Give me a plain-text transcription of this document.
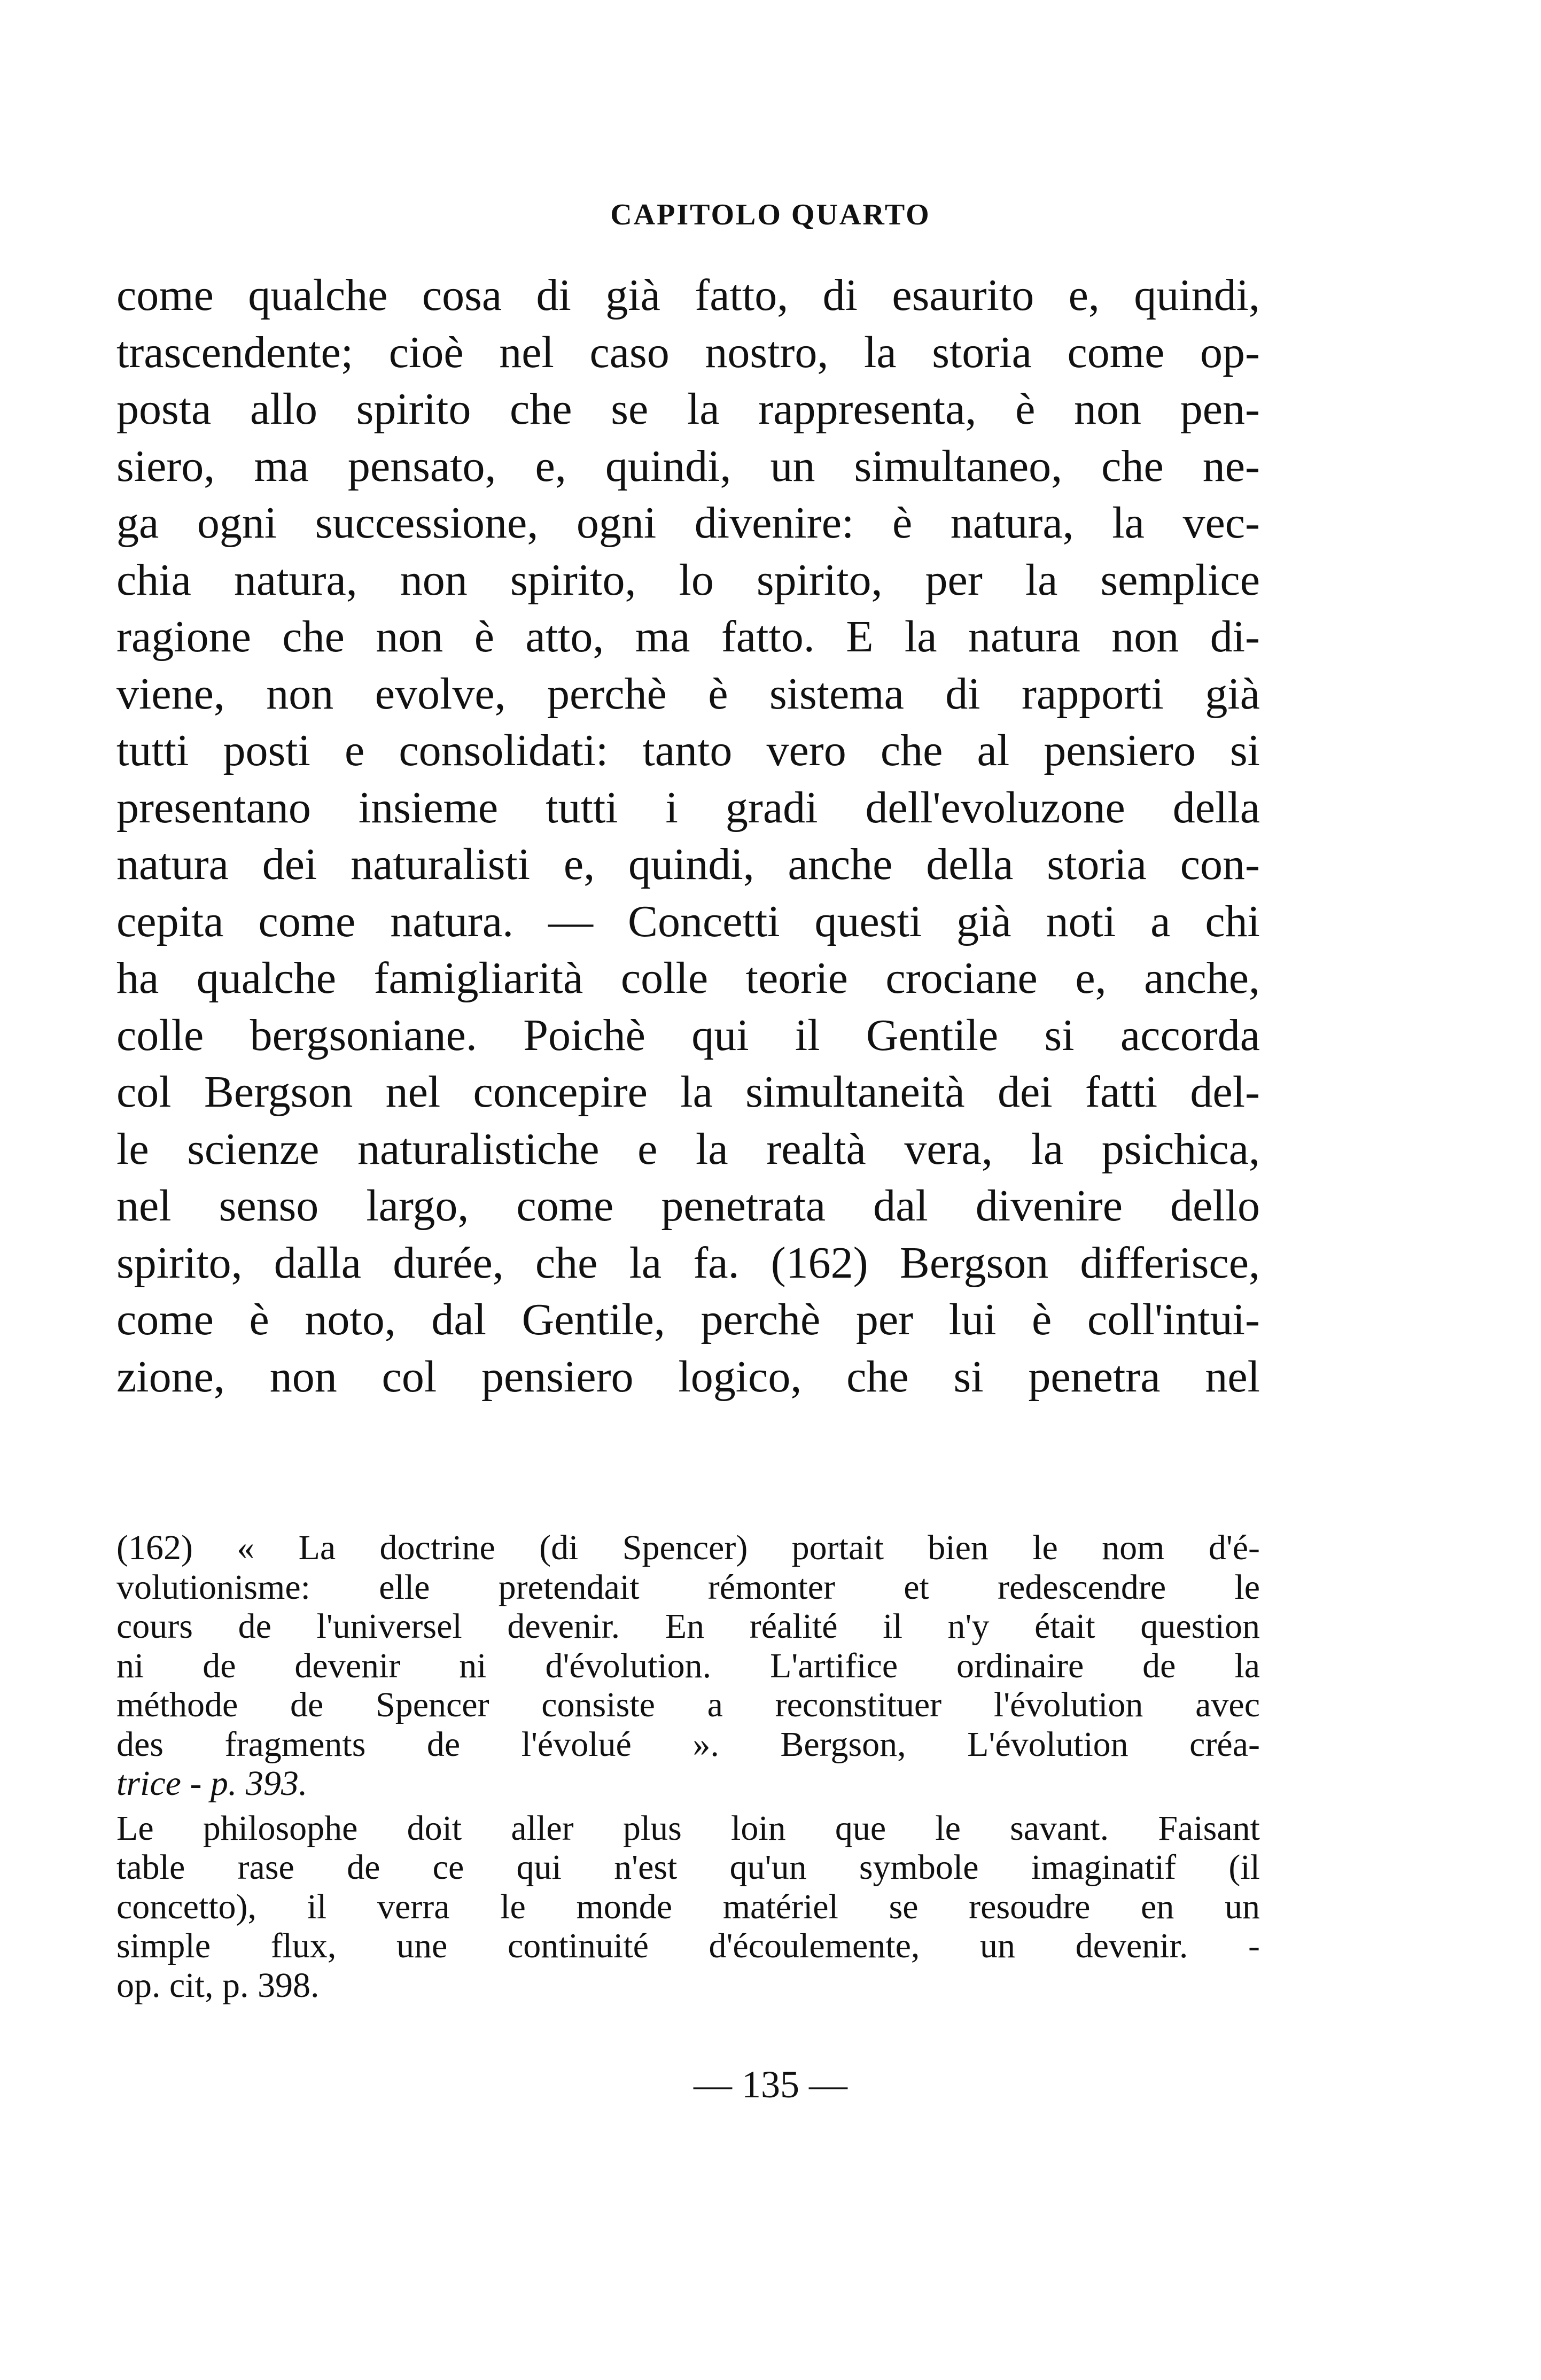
CAPITOLO QUARTO
come qualche cosa di già fatto, di esaurito e, quindi,
trascendente; cioè nel caso nostro, la storia come op-
posta allo spirito che se la rappresenta, è non pen-
siero, ma pensato, e, quindi, un simultaneo, che ne-
ga ogni successione, ogni divenire: è natura, la vec-
chia natura, non spirito, lo spirito, per la semplice
ragione che non è atto, ma fatto. E la natura non di-
viene, non evolve, perchè è sistema di rapporti già
tutti posti e consolidati: tanto vero che al pensiero si
presentano insieme tutti i gradi dell'evoluzone della
natura dei naturalisti e, quindi, anche della storia con-
cepita come natura. — Concetti questi già noti a chi
ha qualche famigliarità colle teorie crociane e, anche,
colle bergsoniane. Poichè qui il Gentile si accorda
col Bergson nel concepire la simultaneità dei fatti del-
le scienze naturalistiche e la realtà vera, la psichica,
nel senso largo, come penetrata dal divenire dello
spirito, dalla durée, che la fa. (162) Bergson differisce,
come è noto, dal Gentile, perchè per lui è coll'intui-
zione, non col pensiero logico, che si penetra nel
(162) « La doctrine (di Spencer) portait bien le nom d'é-
volutionisme: elle pretendait rémonter et redescendre le
cours de l'universel devenir. En réalité il n'y était question
ni de devenir ni d'évolution. L'artifice ordinaire de la
méthode de Spencer consiste a reconstituer l'évolution avec
des fragments de l'évolué ». Bergson, L'évolution créa-
trice - p. 393.
Le philosophe doit aller plus loin que le savant. Faisant
table rase de ce qui n'est qu'un symbole imaginatif (il
concetto), il verra le monde matériel se resoudre en un
simple flux, une continuité d'écoulemente, un devenir. -
op. cit, p. 398.
— 135 —
